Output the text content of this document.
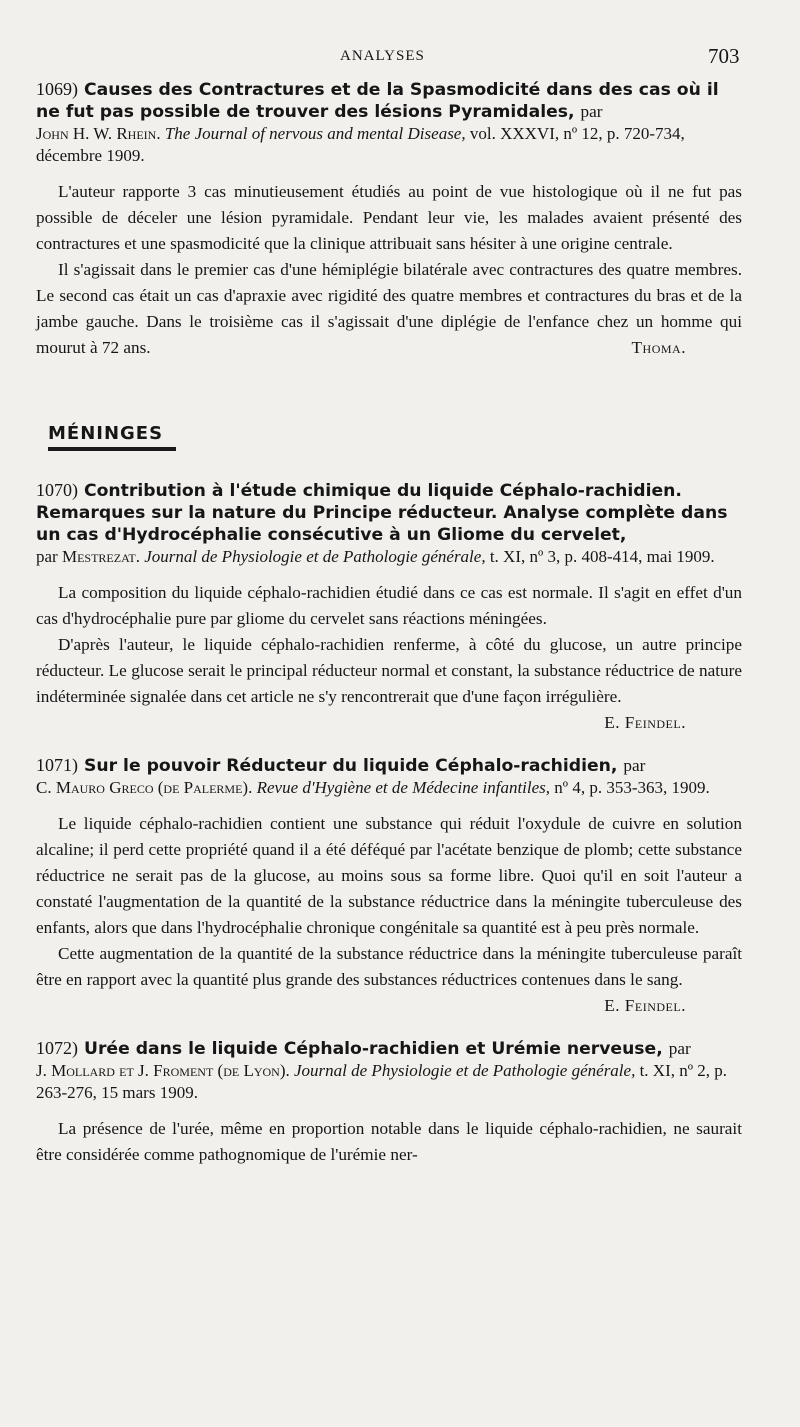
ANALYSES	703
1069) Causes des Contractures et de la Spasmodicité dans des cas où il ne fut pas possible de trouver des lésions Pyramidales, par
John H. W. Rhein. The Journal of nervous and mental Disease, vol. XXXVI, nº 12, p. 720-734, décembre 1909.

L'auteur rapporte 3 cas minutieusement étudiés au point de vue histologique où il ne fut pas possible de déceler une lésion pyramidale. Pendant leur vie, les malades avaient présenté des contractures et une spasmodicité que la clinique attribuait sans hésiter à une origine centrale.

Il s'agissait dans le premier cas d'une hémiplégie bilatérale avec contractures des quatre membres. Le second cas était un cas d'apraxie avec rigidité des quatre membres et contractures du bras et de la jambe gauche. Dans le troisième cas il s'agissait d'une diplégie de l'enfance chez un homme qui mourut à 72 ans.	Thoma.

MÉNINGES
1070) Contribution à l'étude chimique du liquide Céphalo-rachidien. Remarques sur la nature du Principe réducteur. Analyse complète dans un cas d'Hydrocéphalie consécutive à un Gliome du cervelet,
par Mestrezat. Journal de Physiologie et de Pathologie générale, t. XI, nº 3, p. 408-414, mai 1909.

La composition du liquide céphalo-rachidien étudié dans ce cas est normale. Il s'agit en effet d'un cas d'hydrocéphalie pure par gliome du cervelet sans réactions méningées.

D'après l'auteur, le liquide céphalo-rachidien renferme, à côté du glucose, un autre principe réducteur. Le glucose serait le principal réducteur normal et constant, la substance réductrice de nature indéterminée signalée dans cet article ne s'y rencontrerait que d'une façon irrégulière.
E. Feindel.

1071) Sur le pouvoir Réducteur du liquide Céphalo-rachidien, par
C. Mauro Greco (de Palerme). Revue d'Hygiène et de Médecine infantiles, nº 4, p. 353-363, 1909.

Le liquide céphalo-rachidien contient une substance qui réduit l'oxydule de cuivre en solution alcaline; il perd cette propriété quand il a été déféqué par l'acétate benzique de plomb; cette substance réductrice ne serait pas de la glucose, au moins sous sa forme libre. Quoi qu'il en soit l'auteur a constaté l'augmentation de la quantité de la substance réductrice dans la méningite tuberculeuse des enfants, alors que dans l'hydrocéphalie chronique congénitale sa quantité est à peu près normale.

Cette augmentation de la quantité de la substance réductrice dans la méningite tuberculeuse paraît être en rapport avec la quantité plus grande des substances réductrices contenues dans le sang.
E. Feindel.

1072) Urée dans le liquide Céphalo-rachidien et Urémie nerveuse, par
J. Mollard et J. Froment (de Lyon). Journal de Physiologie et de Pathologie générale, t. XI, nº 2, p. 263-276, 15 mars 1909.

La présence de l'urée, même en proportion notable dans le liquide céphalo-rachidien, ne saurait être considérée comme pathognomique de l'urémie ner-
